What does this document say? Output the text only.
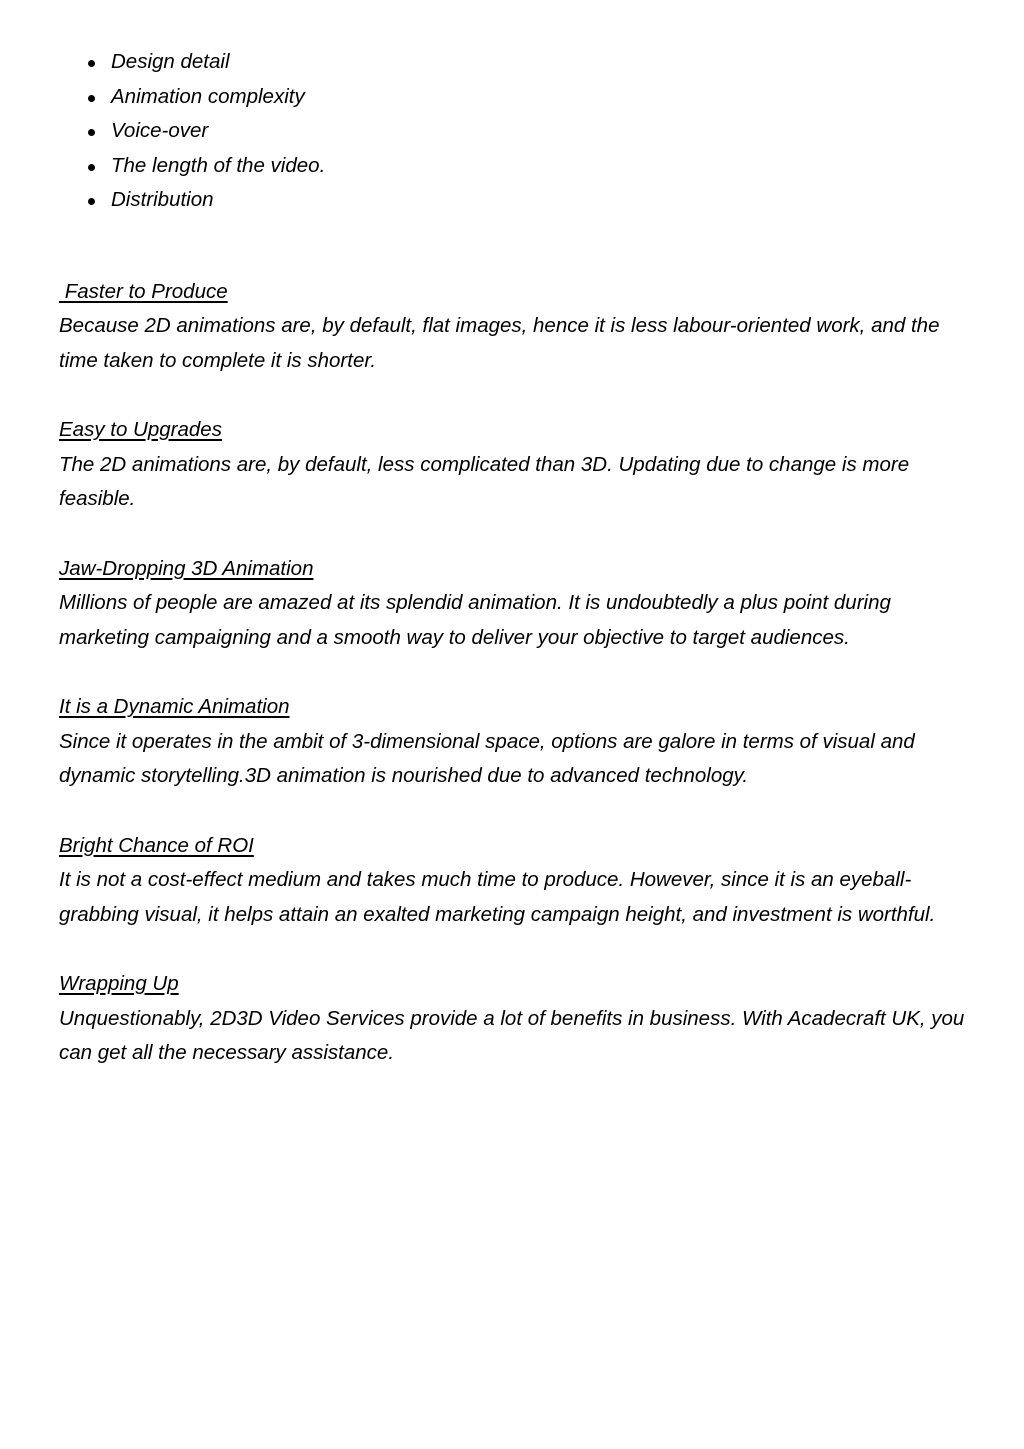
Design detail
Animation complexity
Voice-over
The length of the video.
Distribution
Faster to Produce

Because 2D animations are, by default, flat images, hence it is less labour-oriented work, and the time taken to complete it is shorter.

Easy to Upgrades

The 2D animations are, by default, less complicated than 3D. Updating due to change is more feasible.

Jaw-Dropping 3D Animation

Millions of people are amazed at its splendid animation. It is undoubtedly a plus point during marketing campaigning and a smooth way to deliver your objective to target audiences.

It is a Dynamic Animation

Since it operates in the ambit of 3-dimensional space, options are galore in terms of visual and dynamic storytelling.3D animation is nourished due to advanced technology.

Bright Chance of ROI

It is not a cost-effect medium and takes much time to produce. However, since it is an eyeball-grabbing visual, it helps attain an exalted marketing campaign height, and investment is worthful.

Wrapping Up

Unquestionably, 2D3D Video Services provide a lot of benefits in business. With Acadecraft UK, you can get all the necessary assistance.
